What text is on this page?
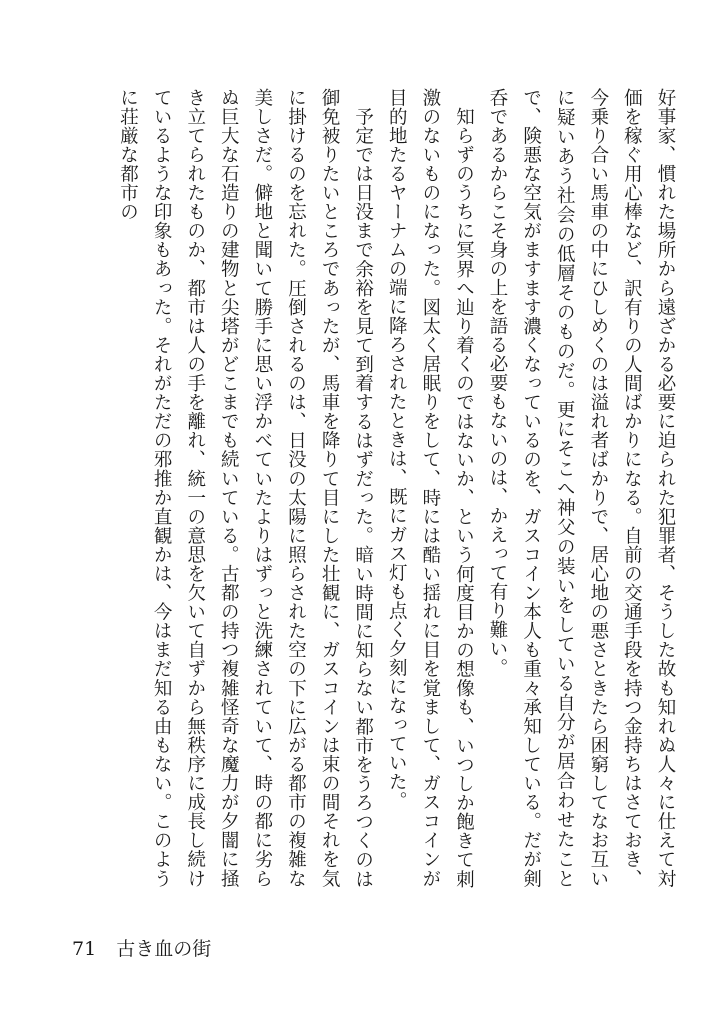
好事家、慣れた場所から遠ざかる必要に迫られた犯罪者、そうした故も知れぬ人々に仕えて対価を稼ぐ用心棒など、訳有りの人間ばかりになる。自前の交通手段を持つ金持ちはさておき、今乗り合い馬車の中にひしめくのは溢れ者ばかりで、居心地の悪さときたら困窮してなお互いに疑いあう社会の低層そのものだ。更にそこへ神父の装いをしている自分が居合わせたことで、険悪な空気がますます濃くなっているのを、ガスコイン本人も重々承知している。だが剣呑であるからこそ身の上を語る必要もないのは、かえって有り難い。

知らずのうちに冥界へ辿り着くのではないか、という何度目かの想像も、いつしか飽きて刺激のないものになった。図太く居眠りをして、時には酷い揺れに目を覚まして、ガスコインが目的地たるヤーナムの端に降ろされたときは、既にガス灯も点く夕刻になっていた。

予定では日没まで余裕を見て到着するはずだった。暗い時間に知らない都市をうろつくのは御免被りたいところであったが、馬車を降りて目にした壮観に、ガスコインは束の間それを気に掛けるのを忘れた。圧倒されるのは、日没の太陽に照らされた空の下に広がる都市の複雑な美しさだ。僻地と聞いて勝手に思い浮かべていたよりはずっと洗練されていて、時の都に劣らぬ巨大な石造りの建物と尖塔がどこまでも続いている。古都の持つ複雑怪奇な魔力が夕闇に掻き立てられたものか、都市は人の手を離れ、統一の意思を欠いて自ずから無秩序に成長し続けているような印象もあった。それがただの邪推か直観かは、今はまだ知る由もない。このように荘厳な都市の

71 古き血の街
